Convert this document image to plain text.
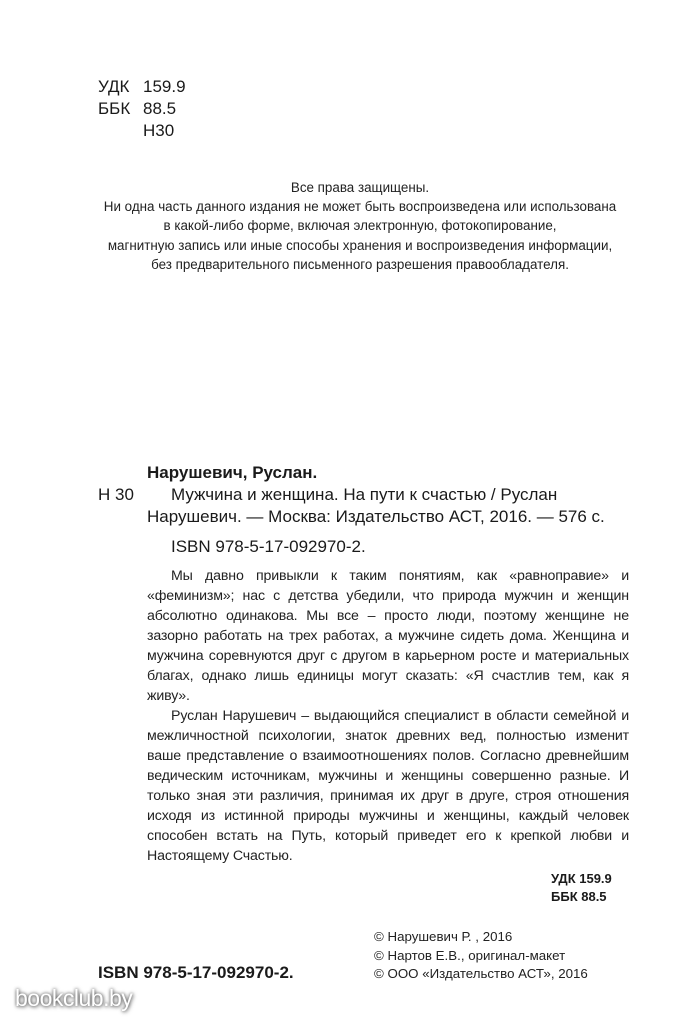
УДК 159.9
ББК 88.5
Н30
Все права защищены.
Ни одна часть данного издания не может быть воспроизведена или использована
в какой-либо форме, включая электронную, фотокопирование,
магнитную запись или иные способы хранения и воспроизведения информации,
без предварительного письменного разрешения правообладателя.
Нарушевич, Руслан.
Н 30	Мужчина и женщина. На пути к счастью / Руслан Нарушевич. — Москва: Издательство АСТ, 2016. — 576 с.
ISBN 978-5-17-092970-2.

Мы давно привыкли к таким понятиям, как «равноправие» и «феминизм»; нас с детства убедили, что природа мужчин и женщин абсолютно одинакова. Мы все – просто люди, поэтому женщине не зазорно работать на трех работах, а мужчине сидеть дома. Женщина и мужчина соревнуются друг с другом в карьерном росте и материальных благах, однако лишь единицы могут сказать: «Я счастлив тем, как я живу».

Руслан Нарушевич – выдающийся специалист в области семейной и межличностной психологии, знаток древних вед, полностью изменит ваше представление о взаимоотношениях полов. Согласно древнейшим ведическим источникам, мужчины и женщины совершенно разные. И только зная эти различия, принимая их друг в друге, строя отношения исходя из истинной природы мужчины и женщины, каждый человек способен встать на Путь, который приведет его к крепкой любви и Настоящему Счастью.

УДК 159.9
ББК 88.5
ISBN 978-5-17-092970-2.
© Нарушевич Р. , 2016
© Нартов Е.В., оригинал-макет
© ООО «Издательство АСТ», 2016
bookclub.by
